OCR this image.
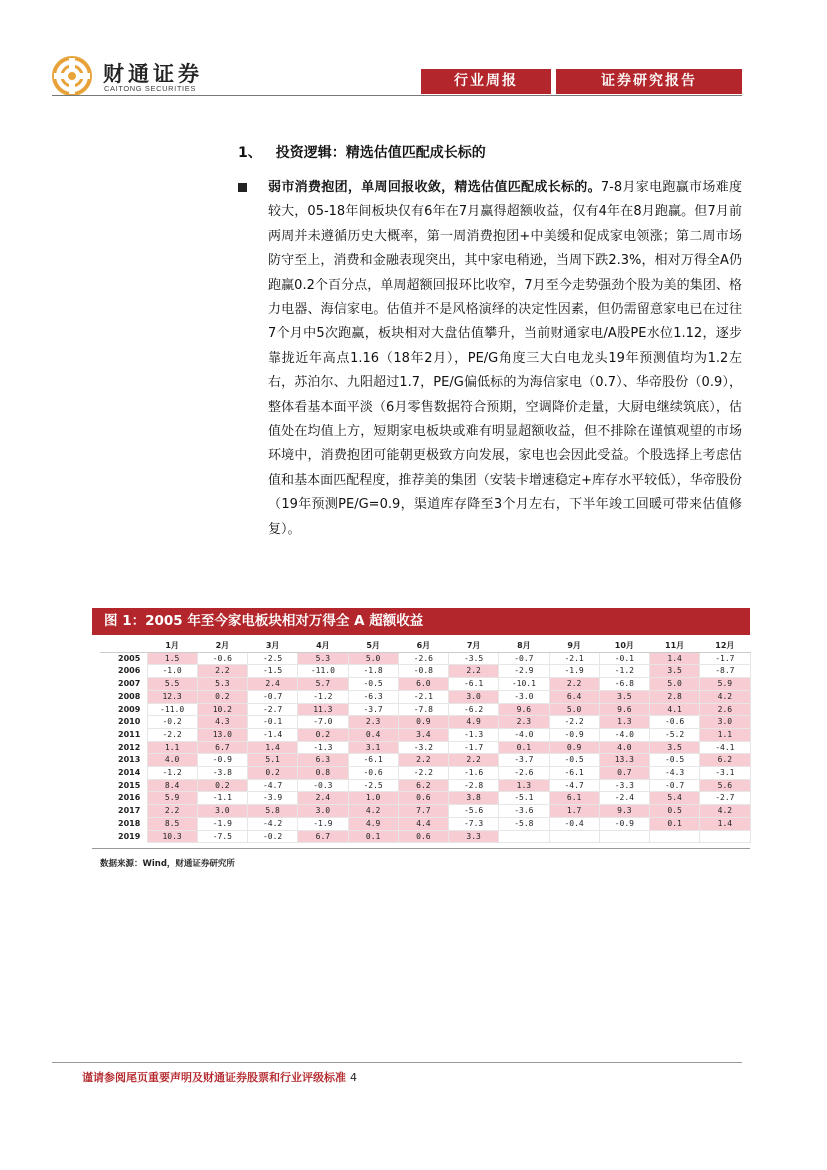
财通证券
CAITONG SECURITIES	行业周报	证券研究报告
1、 投资逻辑：精选估值匹配成长标的
弱市消费抱团，单周回报收敛，精选估值匹配成长标的。7-8月家电跑赢市场难度较大，05-18年间板块仅有6年在7月赢得超额收益，仅有4年在8月跑赢。但7月前两周并未遵循历史大概率，第一周消费抱团+中美缓和促成家电领涨；第二周市场防守至上，消费和金融表现突出，其中家电稍逊，当周下跌2.3%，相对万得全A仍跑赢0.2个百分点，单周超额回报环比收窄，7月至今走势强劲个股为美的集团、格力电器、海信家电。估值并不是风格演绎的决定性因素，但仍需留意家电已在过往7个月中5次跑赢，板块相对大盘估值攀升，当前财通家电/A股PE水位1.12，逐步靠拢近年高点1.16（18年2月），PE/G角度三大白电龙头19年预测值均为1.2左右，苏泊尔、九阳超过1.7，PE/G偏低标的为海信家电（0.7）、华帝股份（0.9），整体看基本面平淡（6月零售数据符合预期，空调降价走量，大厨电继续筑底），估值处在均值上方，短期家电板块或难有明显超额收益，但不排除在谨慎观望的市场环境中，消费抱团可能朝更极致方向发展，家电也会因此受益。个股选择上考虑估值和基本面匹配程度，推荐美的集团（安装卡增速稳定+库存水平较低），华帝股份（19年预测PE/G=0.9，渠道库存降至3个月左右，下半年竣工回暖可带来估值修复）。
图 1：2005 年至今家电板块相对万得全 A 超额收益
	1月	2月	3月	4月	5月	6月	7月	8月	9月	10月	11月	12月
2005	1.5	-0.6	-2.5	5.3	5.0	-2.6	-3.5	-0.7	-2.1	-0.1	1.4	-1.7
2006	-1.0	2.2	-1.5	-11.0	-1.8	-0.8	2.2	-2.9	-1.9	-1.2	3.5	-8.7
2007	5.5	5.3	2.4	5.7	-0.5	6.0	-6.1	-10.1	2.2	-6.8	5.0	5.9
2008	12.3	0.2	-0.7	-1.2	-6.3	-2.1	3.0	-3.0	6.4	3.5	2.8	4.2
2009	-11.0	10.2	-2.7	11.3	-3.7	-7.8	-6.2	9.6	5.0	9.6	4.1	2.6
2010	-0.2	4.3	-0.1	-7.0	2.3	0.9	4.9	2.3	-2.2	1.3	-0.6	3.0
2011	-2.2	13.0	-1.4	0.2	0.4	3.4	-1.3	-4.0	-0.9	-4.0	-5.2	1.1
2012	1.1	6.7	1.4	-1.3	3.1	-3.2	-1.7	0.1	0.9	4.0	3.5	-4.1
2013	4.0	-0.9	5.1	6.3	-6.1	2.2	2.2	-3.7	-0.5	13.3	-0.5	6.2
2014	-1.2	-3.8	0.2	0.8	-0.6	-2.2	-1.6	-2.6	-6.1	0.7	-4.3	-3.1
2015	8.4	0.2	-4.7	-0.3	-2.5	6.2	-2.8	1.3	-4.7	-3.3	-0.7	5.6
2016	5.9	-1.1	-3.9	2.4	1.0	0.6	3.8	-5.1	6.1	-2.4	5.4	-2.7
2017	2.2	3.0	5.8	3.0	4.2	7.7	-5.6	-3.6	1.7	9.3	0.5	4.2
2018	8.5	-1.9	-4.2	-1.9	4.9	4.4	-7.3	-5.8	-0.4	-0.9	0.1	1.4
2019	10.3	-7.5	-0.2	6.7	0.1	0.6	3.3					
数据来源：Wind，财通证券研究所
谨请参阅尾页重要声明及财通证券股票和行业评级标准 4
